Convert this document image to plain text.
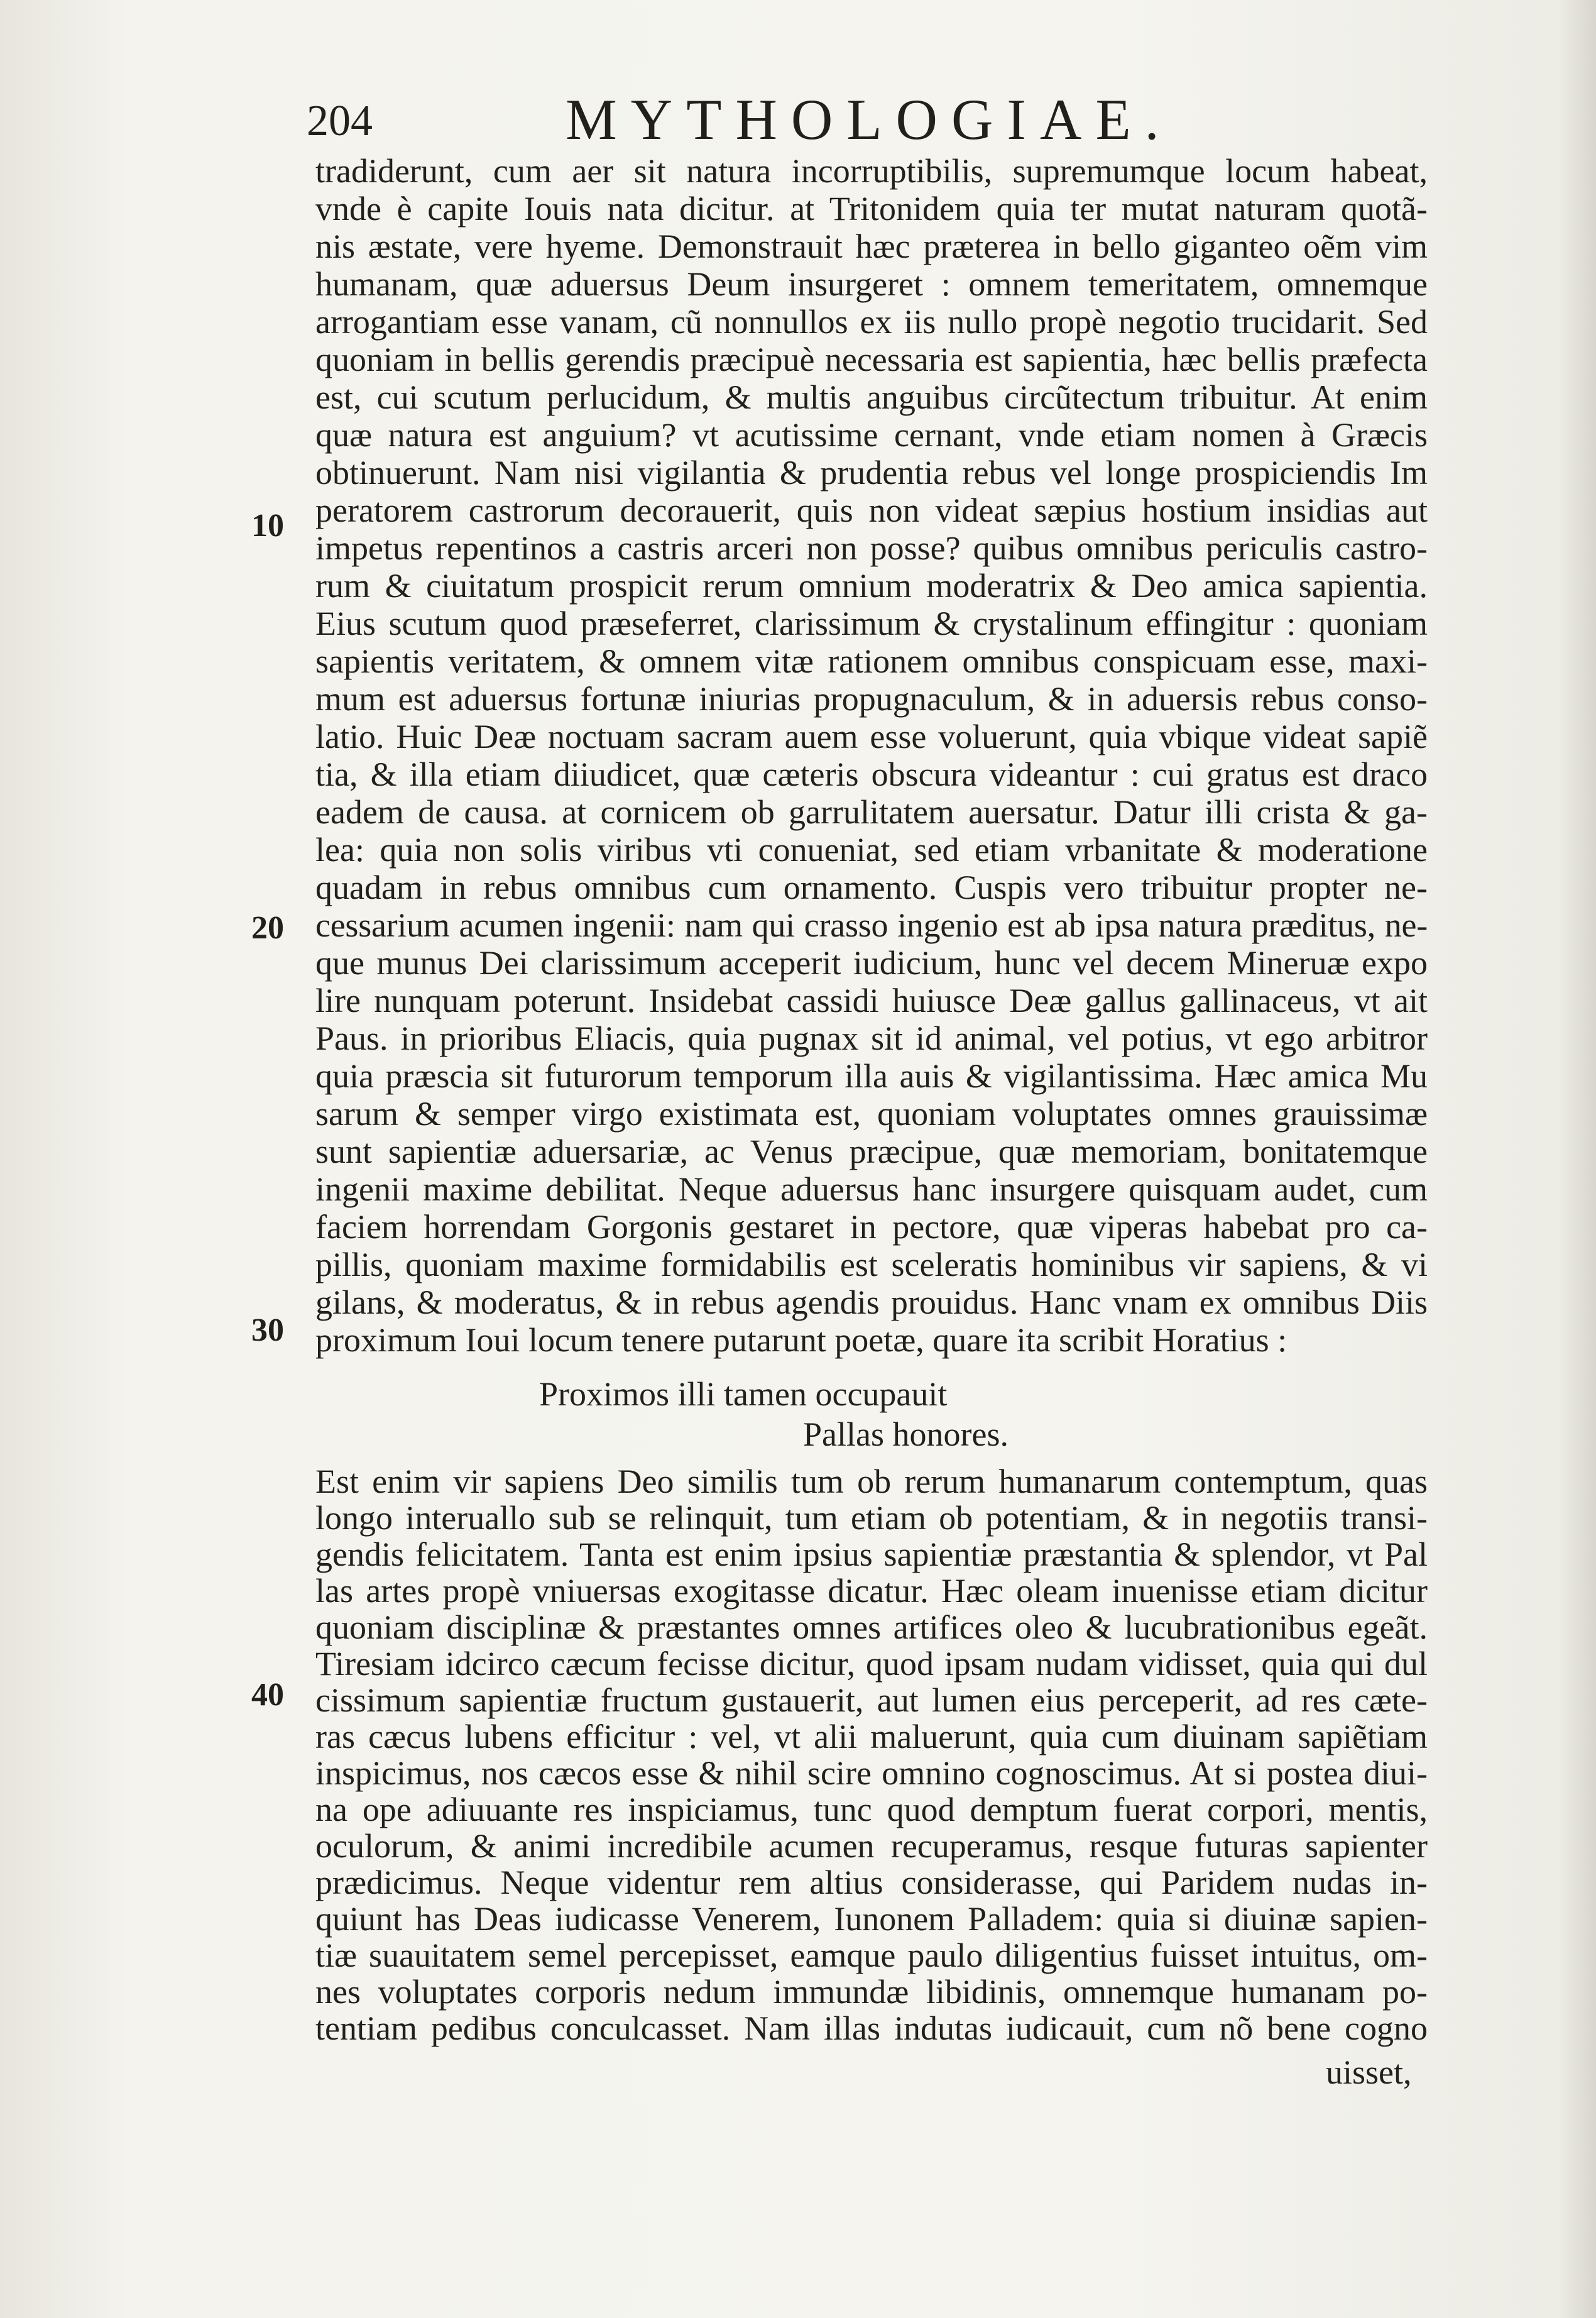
204	MYTHOLOGIAE.
tradiderunt, cum aer sit natura incorruptibilis, supremumque locum habeat,
vnde è capite Iouis nata dicitur. at Tritonidem quia ter mutat naturam quotã-
nis æstate, vere hyeme. Demonstrauit hæc præterea in bello giganteo oẽm vim
humanam, quæ aduersus Deum insurgeret : omnem temeritatem, omnemque
arrogantiam esse vanam, cũ nonnullos ex iis nullo propè negotio trucidarit. Sed
quoniam in bellis gerendis præcipuè necessaria est sapientia, hæc bellis præfecta
est, cui scutum perlucidum, & multis anguibus circũtectum tribuitur. At enim
quæ natura est anguium? vt acutissime cernant, vnde etiam nomen à Græcis
obtinuerunt. Nam nisi vigilantia & prudentia rebus vel longe prospiciendis Im
peratorem castrorum decorauerit, quis non videat sæpius hostium insidias aut
impetus repentinos a castris arceri non posse? quibus omnibus periculis castro-
rum & ciuitatum prospicit rerum omnium moderatrix & Deo amica sapientia.
Eius scutum quod præseferret, clarissimum & crystalinum effingitur : quoniam
sapientis veritatem, & omnem vitæ rationem omnibus conspicuam esse, maxi-
mum est aduersus fortunæ iniurias propugnaculum, & in aduersis rebus conso-
latio. Huic Deæ noctuam sacram auem esse voluerunt, quia vbique videat sapiẽ
tia, & illa etiam diiudicet, quæ cæteris obscura videantur : cui gratus est draco
eadem de causa. at cornicem ob garrulitatem auersatur. Datur illi crista & ga-
lea: quia non solis viribus vti conueniat, sed etiam vrbanitate & moderatione
quadam in rebus omnibus cum ornamento. Cuspis vero tribuitur propter ne-
cessarium acumen ingenii: nam qui crasso ingenio est ab ipsa natura præditus, ne-
que munus Dei clarissimum acceperit iudicium, hunc vel decem Mineruæ expo
lire nunquam poterunt. Insidebat cassidi huiusce Deæ gallus gallinaceus, vt ait
Paus. in prioribus Eliacis, quia pugnax sit id animal, vel potius, vt ego arbitror
quia præscia sit futurorum temporum illa auis & vigilantissima. Hæc amica Mu
sarum & semper virgo existimata est, quoniam voluptates omnes grauissimæ
sunt sapientiæ aduersariæ, ac Venus præcipue, quæ memoriam, bonitatemque
ingenii maxime debilitat. Neque aduersus hanc insurgere quisquam audet, cum
faciem horrendam Gorgonis gestaret in pectore, quæ viperas habebat pro ca-
pillis, quoniam maxime formidabilis est sceleratis hominibus vir sapiens, & vi
gilans, & moderatus, & in rebus agendis prouidus. Hanc vnam ex omnibus Diis
proximum Ioui locum tenere putarunt poetæ, quare ita scribit Horatius :
Proximos illi tamen occupauit
Pallas honores.
Est enim vir sapiens Deo similis tum ob rerum humanarum contemptum, quas
longo interuallo sub se relinquit, tum etiam ob potentiam, & in negotiis transi-
gendis felicitatem. Tanta est enim ipsius sapientiæ præstantia & splendor, vt Pal
las artes propè vniuersas exogitasse dicatur. Hæc oleam inuenisse etiam dicitur
quoniam disciplinæ & præstantes omnes artifices oleo & lucubrationibus egeãt.
Tiresiam idcirco cæcum fecisse dicitur, quod ipsam nudam vidisset, quia qui dul
cissimum sapientiæ fructum gustauerit, aut lumen eius perceperit, ad res cæte-
ras cæcus lubens efficitur : vel, vt alii maluerunt, quia cum diuinam sapiẽtiam
inspicimus, nos cæcos esse & nihil scire omnino cognoscimus. At si postea diui-
na ope adiuuante res inspiciamus, tunc quod demptum fuerat corpori, mentis,
oculorum, & animi incredibile acumen recuperamus, resque futuras sapienter
prædicimus. Neque videntur rem altius considerasse, qui Paridem nudas in-
quiunt has Deas iudicasse Venerem, Iunonem Palladem: quia si diuinæ sapien-
tiæ suauitatem semel percepisset, eamque paulo diligentius fuisset intuitus, om-
nes voluptates corporis nedum immundæ libidinis, omnemque humanam po-
tentiam pedibus conculcasset. Nam illas indutas iudicauit, cum nõ bene cogno
10
20
30
40
uisset,
